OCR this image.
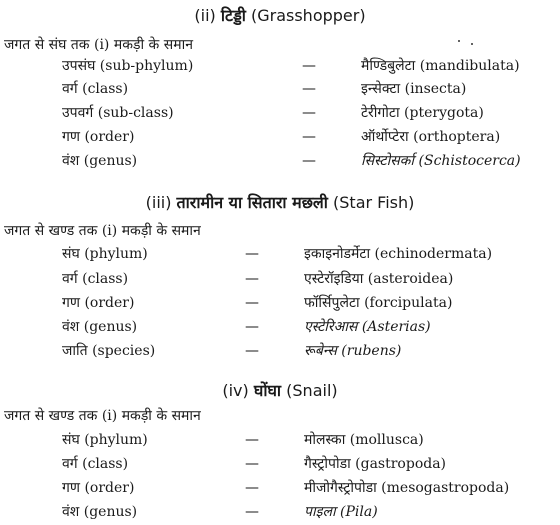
(ii) टिड्डी (Grasshopper)
जगत से संघ तक (i) मकड़ी के समान
उपसंघ (sub-phylum)	—	मैण्डिबुलेटा (mandibulata)
वर्ग (class)	—	इन्सेक्टा (insecta)
उपवर्ग (sub-class)	—	टेरीगोटा (pterygota)
गण (order)	—	ऑर्थोप्टेरा (orthoptera)
वंश (genus)	—	सिस्टोसर्का (Schistocerca)
(iii) तारामीन या सितारा मछली (Star Fish)
जगत से खण्ड तक (i) मकड़ी के समान
संघ (phylum)	—	इकाइनोडर्मेटा (echinodermata)
वर्ग (class)	—	एस्टेरॉइडिया (asteroidea)
गण (order)	—	फॉर्सिपुलेटा (forcipulata)
वंश (genus)	—	एस्टेरिआस (Asterias)
जाति (species)	—	रूबेन्स (rubens)
(iv) घोंघा (Snail)
जगत से खण्ड तक (i) मकड़ी के समान
संघ (phylum)	—	मोलस्का (mollusca)
वर्ग (class)	—	गैस्ट्रोपोडा (gastropoda)
गण (order)	—	मीजोगैस्ट्रोपोडा (mesogastropoda)
वंश (genus)	—	पाइला (Pila)
